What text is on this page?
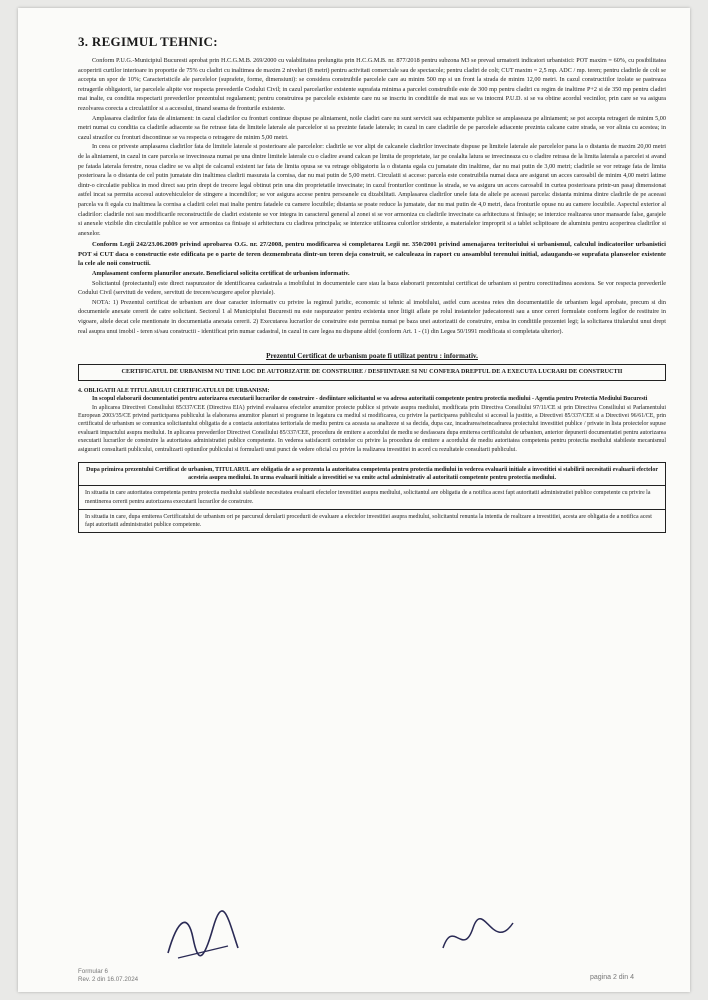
3. REGIMUL TEHNIC:

Conform P.U.G.-Municipiul Bucuresti aprobat prin H.C.G.M.B. 269/2000 cu valabilitatea prelungita prin H.C.G.M.B. nr. 877/2018 pentru subzona M3 se prevad urmatorii indicatori urbanistici: POT maxim = 60%, cu posibilitatea acoperirii curtilor interioare in proportie de 75% cu cladiri cu inaltimea de maxim 2 niveluri (8 metri) pentru activitati comerciale sau de spectacole; pentru cladiri de colt; CUT maxim = 2,5 mp. ADC / mp. teren; pentru cladirile de colt se accepta un spor de 10%; Caracteristicile ale parcelelor (suprafete, forme, dimensiuni): se considera construibile parcelele care au minim 500 mp si un front la strada de minim 12,00 metri. In cazul constructiilor izolate se pastreaza retragerile obligatorii, iar parcelele alipite vor respecta prevederile Codului Civil; in cazul parcelarilor existente suprafata minima a parcelei construibile este de 300 mp pentru cladiri cu regim de inaltime P+2 si de 350 mp pentru cladiri mai inalte, cu conditia respectarii prevederilor prezentului regulament; pentru construirea pe parcelele existente care nu se inscriu in conditiile de mai sus se va intocmi P.U.D. si se va obtine acordul vecinilor, prin care se va asigura rezolvarea corecta a circulatiilor si a accesului, tinand seama de fronturile existente.

Amplasarea cladirilor fata de aliniament: in cazul cladirilor cu fronturi continue dispuse pe aliniament, noile cladiri care nu sunt servicii sau echipamente publice se amplaseaza pe aliniament; se pot accepta retrageri de minim 5,00 metri numai cu conditia ca cladirile adiacente sa fie retrase fata de limitele laterale ale parcelelor si sa prezinte fatade laterale; in cazul in care cladirile de pe parcelele adiacente prezinta calcane catre strada, se vor alinia cu acestea; in cazul strazilor cu fronturi discontinue se va respecta o retragere de minim 5,00 metri.

In ceea ce priveste amplasarea cladirilor fata de limitele laterale si posterioare ale parcelelor: cladirile se vor alipi de calcanele cladirilor invecinate dispuse pe limitele laterale ale parcelelor pana la o distanta de maxim 20,00 metri de la aliniament, in cazul in care parcela se invecineaza numai pe una dintre limitele laterale cu o cladire avand calcan pe limita de proprietate, iar pe cealalta latura se invecineaza cu o cladire retrasa de la limita laterala a parcelei si avand pe fatada laterala ferestre, noua cladire se va alipi de calcanul existent iar fata de limita opusa se va retrage obligatoriu la o distanta egala cu jumatate din inaltime, dar nu mai putin de 3,00 metri; cladirile se vor retrage fata de limita posterioara la o distanta de cel putin jumatate din inaltimea cladirii masurata la cornisa, dar nu mai putin de 5,00 metri. Circulatii si accese: parcela este construibila numai daca are asigurat un acces carosabil de minim 4,00 metri latime dintr-o circulatie publica in mod direct sau prin drept de trecere legal obtinut prin una din proprietatile invecinate; in cazul fronturilor continue la strada, se va asigura un acces carosabil in curtea posterioara printr-un pasaj dimensionat astfel incat sa permita accesul autovehiculelor de stingere a incendiilor; se vor asigura accese pentru persoanele cu dizabilitati. Amplasarea cladirilor unele fata de altele pe aceeasi parcela: distanta minima dintre cladirile de pe aceeasi parcela va fi egala cu inaltimea la cornisa a cladirii celei mai inalte pentru fatadele cu camere locuibile; distanta se poate reduce la jumatate, dar nu mai putin de 4,0 metri, daca fronturile opuse nu au camere locuibile. Aspectul exterior al cladirilor: cladirile noi sau modificarile reconstructiile de cladiri existente se vor integra in caracterul general al zonei si se vor armoniza cu cladirile invecinate ca arhitectura si finisaje; se interzice realizarea unor mansarde false, garajele si anexele vizibile din circulatiile publice se vor armoniza ca finisaje si arhitectura cu cladirea principala; se interzice utilizarea culorilor stridente, a materialelor improprii si a tablei sclipitoare de aluminiu pentru acoperirea cladirilor si anexelor.

Conform Legii 242/23.06.2009 privind aprobarea O.G. nr. 27/2008, pentru modificarea si completarea Legii nr. 350/2001 privind amenajarea teritoriului si urbanismul, calculul indicatorilor urbanistici POT si CUT daca o constructie este edificata pe o parte de teren dezmembrata dintr-un teren deja construit, se calculeaza in raport cu ansamblul terenului initial, adaugandu-se suprafata planseelor existente la cele ale noii constructii.

Amplasament conform planurilor anexate. Beneficiarul solicita certificat de urbanism informativ.

Solicitantul (proiectantul) este direct raspunzator de identificarea cadastrala a imobilului in documentele care stau la baza elaborarii prezentului certificat de urbanism si pentru corectitudinea acestora. Se vor respecta prevederile Codului Civil (servituti de vedere, servituti de trecere/scurgere apelor pluviale).

NOTA: 1) Prezentul certificat de urbanism are doar caracter informativ cu privire la regimul juridic, economic si tehnic al imobilului, astfel cum acestea reies din documentatiile de urbanism legal aprobate, precum si din documentele anexate cererii de catre solicitant. Sectorul 1 al Municipiului Bucuresti nu este raspunzator pentru existenta unor litigii aflate pe rolul instantelor judecatoresti sau a unor cereri formulate conform legilor de restituire in vigoare, altele decat cele mentionate in documentatia anexata cererii. 2) Executarea lucrarilor de construire este permisa numai pe baza unei autorizatii de construire, emisa in conditiile prezentei legi; la solicitarea titularului unui drept real asupra unui imobil - teren si/sau constructii - identificat prin numar cadastral, in cazul in care legea nu dispune altfel (conform Art. 1 - (1) din Legea 50/1991 modificata si completata ulterior).

Prezentul Certificat de urbanism poate fi utilizat pentru : informativ.
CERTIFICATUL DE URBANISM NU TINE LOC DE AUTORIZATIE DE CONSTRUIRE / DESFIINTARE SI NU CONFERA DREPTUL DE A EXECUTA LUCRARI DE CONSTRUCTII

4. OBLIGATII ALE TITULARULUI CERTIFICATULUI DE URBANISM:

In scopul elaborarii documentatiei pentru autorizarea executarii lucrarilor de construire - desfiintare solicitantul se va adresa autoritatii competente pentru protectia mediului - Agentia pentru Protectia Mediului Bucuresti

In aplicarea Directivei Consiliului 85/337/CEE (Directiva EIA) privind evaluarea efectelor anumitor proiecte publice si private asupra mediului, modificata prin Directiva Consiliului 97/11/CE si prin Directiva Consiliului si Parlamentului European 2003/35/CE privind participarea publicului la elaborarea anumitor planuri si programe in legatura cu mediul si modificarea, cu privire la participarea publicului si accesul la justitie, a Directivei 85/337/CEE si a Directivei 96/61/CE, prin certificatul de urbanism se comunica solicitantului obligatia de a contacta autoritatea teritoriala de mediu pentru ca aceasta sa analizeze si sa decida, dupa caz, incadrarea/neincadrarea proiectului investitiei publice / private in lista proiectelor supuse evaluarii impactului asupra mediului. In aplicarea prevederilor Directivei Consiliului 85/337/CEE, procedura de emitere a acordului de mediu se desfasoara dupa emiterea certificatului de urbanism, anterior depunerii documentatiei pentru autorizarea executarii lucrarilor de construire la autoritatea administratiei publice competente. In vederea satisfacerii cerintelor cu privire la procedura de emitere a acordului de mediu autoritatea competenta pentru protectia mediului stabileste mecanismul asigurarii consultarii publicului, centralizarii optiunilor publicului si formularii unui punct de vedere oficial cu privire la realizarea investitiei in acord cu rezultatele consultarii publicului.

Dupa primirea prezentului Certificat de urbanism, TITULARUL are obligatia de a se prezenta la autoritatea competenta pentru protectia mediului in vederea evaluarii initiale a investitiei si stabilirii necesitatii evaluarii efectelor acesteia asupra mediului. In urma evaluarii initiale a investitiei se va emite actul administrativ al autoritatii competente pentru protectia mediului.

In situatia in care autoritatea competenta pentru protectia mediului stabileste necesitatea evaluarii efectelor investitiei asupra mediului, solicitantul are obligatia de a notifica acest fapt autoritatii administratiei publice competente cu privire la mentinerea cererii pentru autorizarea executarii lucrarilor de construire.

In situatia in care, dupa emiterea Certificatului de urbanism ori pe parcursul derularii procedurii de evaluare a efectelor investitiei asupra mediului, solicitantul renunta la intentia de realizare a investitiei, acesta are obligatia de a notifica acest fapt autoritatii administratiei publice competente.

Formular 6
Rev. 2 din 16.07.2024	pagina 2 din 4
